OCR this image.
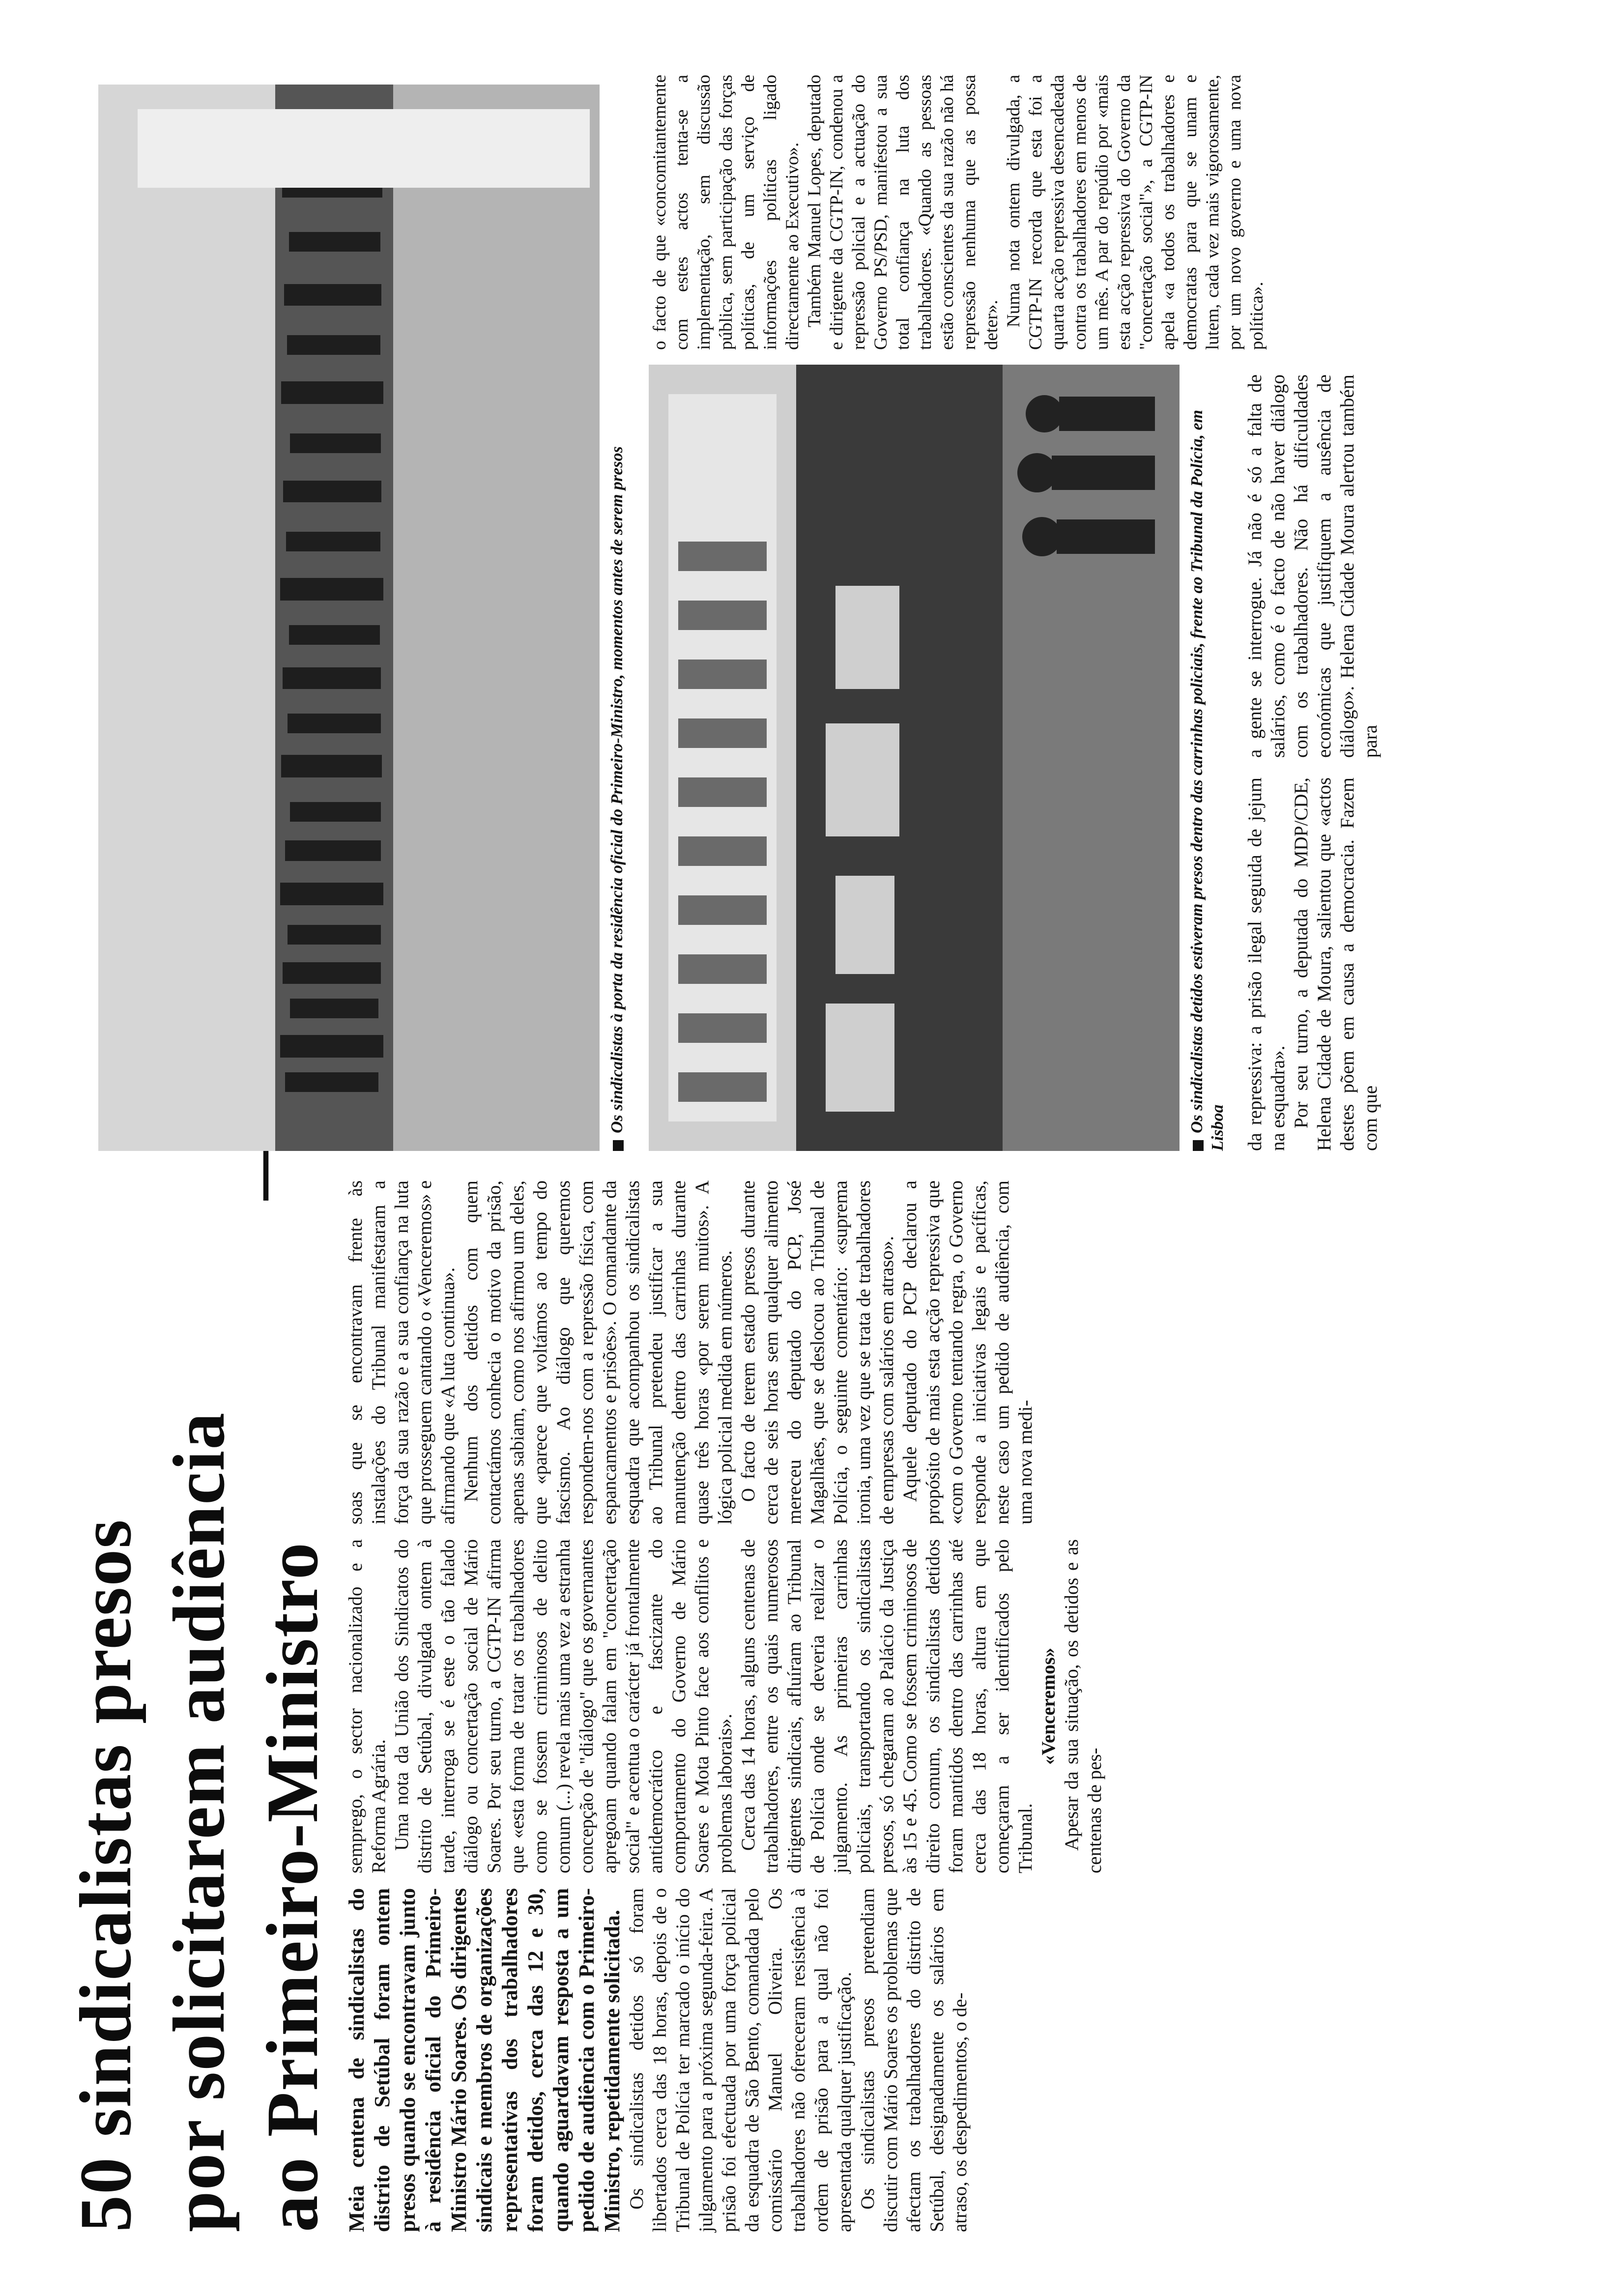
50 sindicalistas presos por solicitarem audiência ao Primeiro-Ministro Meia centena de sindicalistas do distrito de Setúbal foram ontem presos quando se encontravam junto à residência oficial do Primeiro-Ministro Mário Soares. Os dirigentes sindicais e membros de organizações representativas dos trabalhadores foram detidos, cerca das 12 e 30, quando aguardavam resposta a um pedido de audiência com o Primeiro-Ministro, repetidamente solicitada. Os sindicalistas detidos só foram libertados cerca das 18 horas, depois de o Tribunal de Polícia ter marcado o início do julgamento para a próxima segunda-feira. A prisão foi efectuada por uma força policial da esquadra de São Bento, comandada pelo comissário Manuel Oliveira. Os trabalhadores não ofereceram resistência à ordem de prisão para a qual não foi apresentada qualquer justificação. Os sindicalistas presos pretendiam discutir com Mário Soares os problemas que afectam os trabalhadores do distrito de Setúbal, designadamente os salários em atraso, os despedimentos, o de-

semprego, o sector nacionalizado e a Reforma Agrária. Uma nota da União dos Sindicatos do distrito de Setúbal, divulgada ontem à tarde, interroga se é este o tão falado diálogo ou concertação social de Mário Soares. Por seu turno, a CGTP-IN afirma que «esta forma de tratar os trabalhadores como se fossem criminosos de delito comum (...) revela mais uma vez a estranha concepção de "diálogo" que os governantes apregoam quando falam em "concertação social" e acentua o carácter já frontalmente antidemocrático e fascizante do comportamento do Governo de Mário Soares e Mota Pinto face aos conflitos e problemas laborais». Cerca das 14 horas, alguns centenas de trabalhadores, entre os quais numerosos dirigentes sindicais, afluíram ao Tribunal de Polícia onde se deveria realizar o julgamento. As primeiras carrinhas policiais, transportando os sindicalistas presos, só chegaram ao Palácio da Justiça às 15 e 45. Como se fossem criminosos de direito comum, os sindicalistas detidos foram mantidos dentro das carrinhas até cerca das 18 horas, altura em que começaram a ser identificados pelo Tribunal.

«Venceremos» Apesar da sua situação, os detidos e as centenas de pes-

soas que se encontravam frente às instalações do Tribunal manifestaram a força da sua razão e a sua confiança na luta que prosseguem cantando o «Venceremos» e afirmando que «A luta continua». Nenhum dos detidos com quem contactámos conhecia o motivo da prisão, apenas sabiam, como nos afirmou um deles, que «parece que voltámos ao tempo do fascismo. Ao diálogo que queremos respondem-nos com a repressão física, com espancamentos e prisões». O comandante da esquadra que acompanhou os sindicalistas ao Tribunal pretendeu justificar a sua manutenção dentro das carrinhas durante quase três horas «por serem muitos». A lógica policial medida em números. O facto de terem estado presos durante cerca de seis horas sem qualquer alimento mereceu do deputado do PCP, José Magalhães, que se deslocou ao Tribunal de Polícia, o seguinte comentário: «suprema ironia, uma vez que se trata de trabalhadores de empresas com salários em atraso». Aquele deputado do PCP declarou a propósito de mais esta acção repressiva que «com o Governo tentando regra, o Governo responde a iniciativas legais e pacíficas, neste caso um pedido de audiência, com uma nova medi-

Os sindicalistas à porta da residência oficial do Primeiro-Ministro, momentos antes de serem presos	Os sindicalistas detidos estiveram presos dentro das carrinhas policiais, frente ao Tribunal da Polícia, em Lisboa da repressiva: a prisão ilegal seguida de jejum na esquadra». Por seu turno, a deputada do MDP/CDE, Helena Cidade de Moura, salientou que «actos destes põem em causa a democracia. Fazem com que

a gente se interrogue. Já não é só a falta de salários, como é o facto de não haver diálogo com os trabalhadores. Não há dificuldades económicas que justifiquem a ausência de diálogo». Helena Cidade Moura alertou também para

o facto de que «concomitantemente com estes actos tenta-se a implementação, sem discussão pública, sem participação das forças políticas, de um serviço de informações políticas ligado directamente ao Executivo». Também Manuel Lopes, deputado e dirigente da CGTP-IN, condenou a repressão policial e a actuação do Governo PS/PSD, manifestou a sua total confiança na luta dos trabalhadores. «Quando as pessoas estão conscientes da sua razão não há repressão nenhuma que as possa deter». Numa nota ontem divulgada, a CGTP-IN recorda que esta foi a quarta acção repressiva desencadeada contra os trabalhadores em menos de um mês. A par do repúdio por «mais esta acção repressiva do Governo da "concertação social"», a CGTP-IN apela «a todos os trabalhadores e democratas para que se unam e lutem, cada vez mais vigorosamente, por um novo governo e uma nova política».
